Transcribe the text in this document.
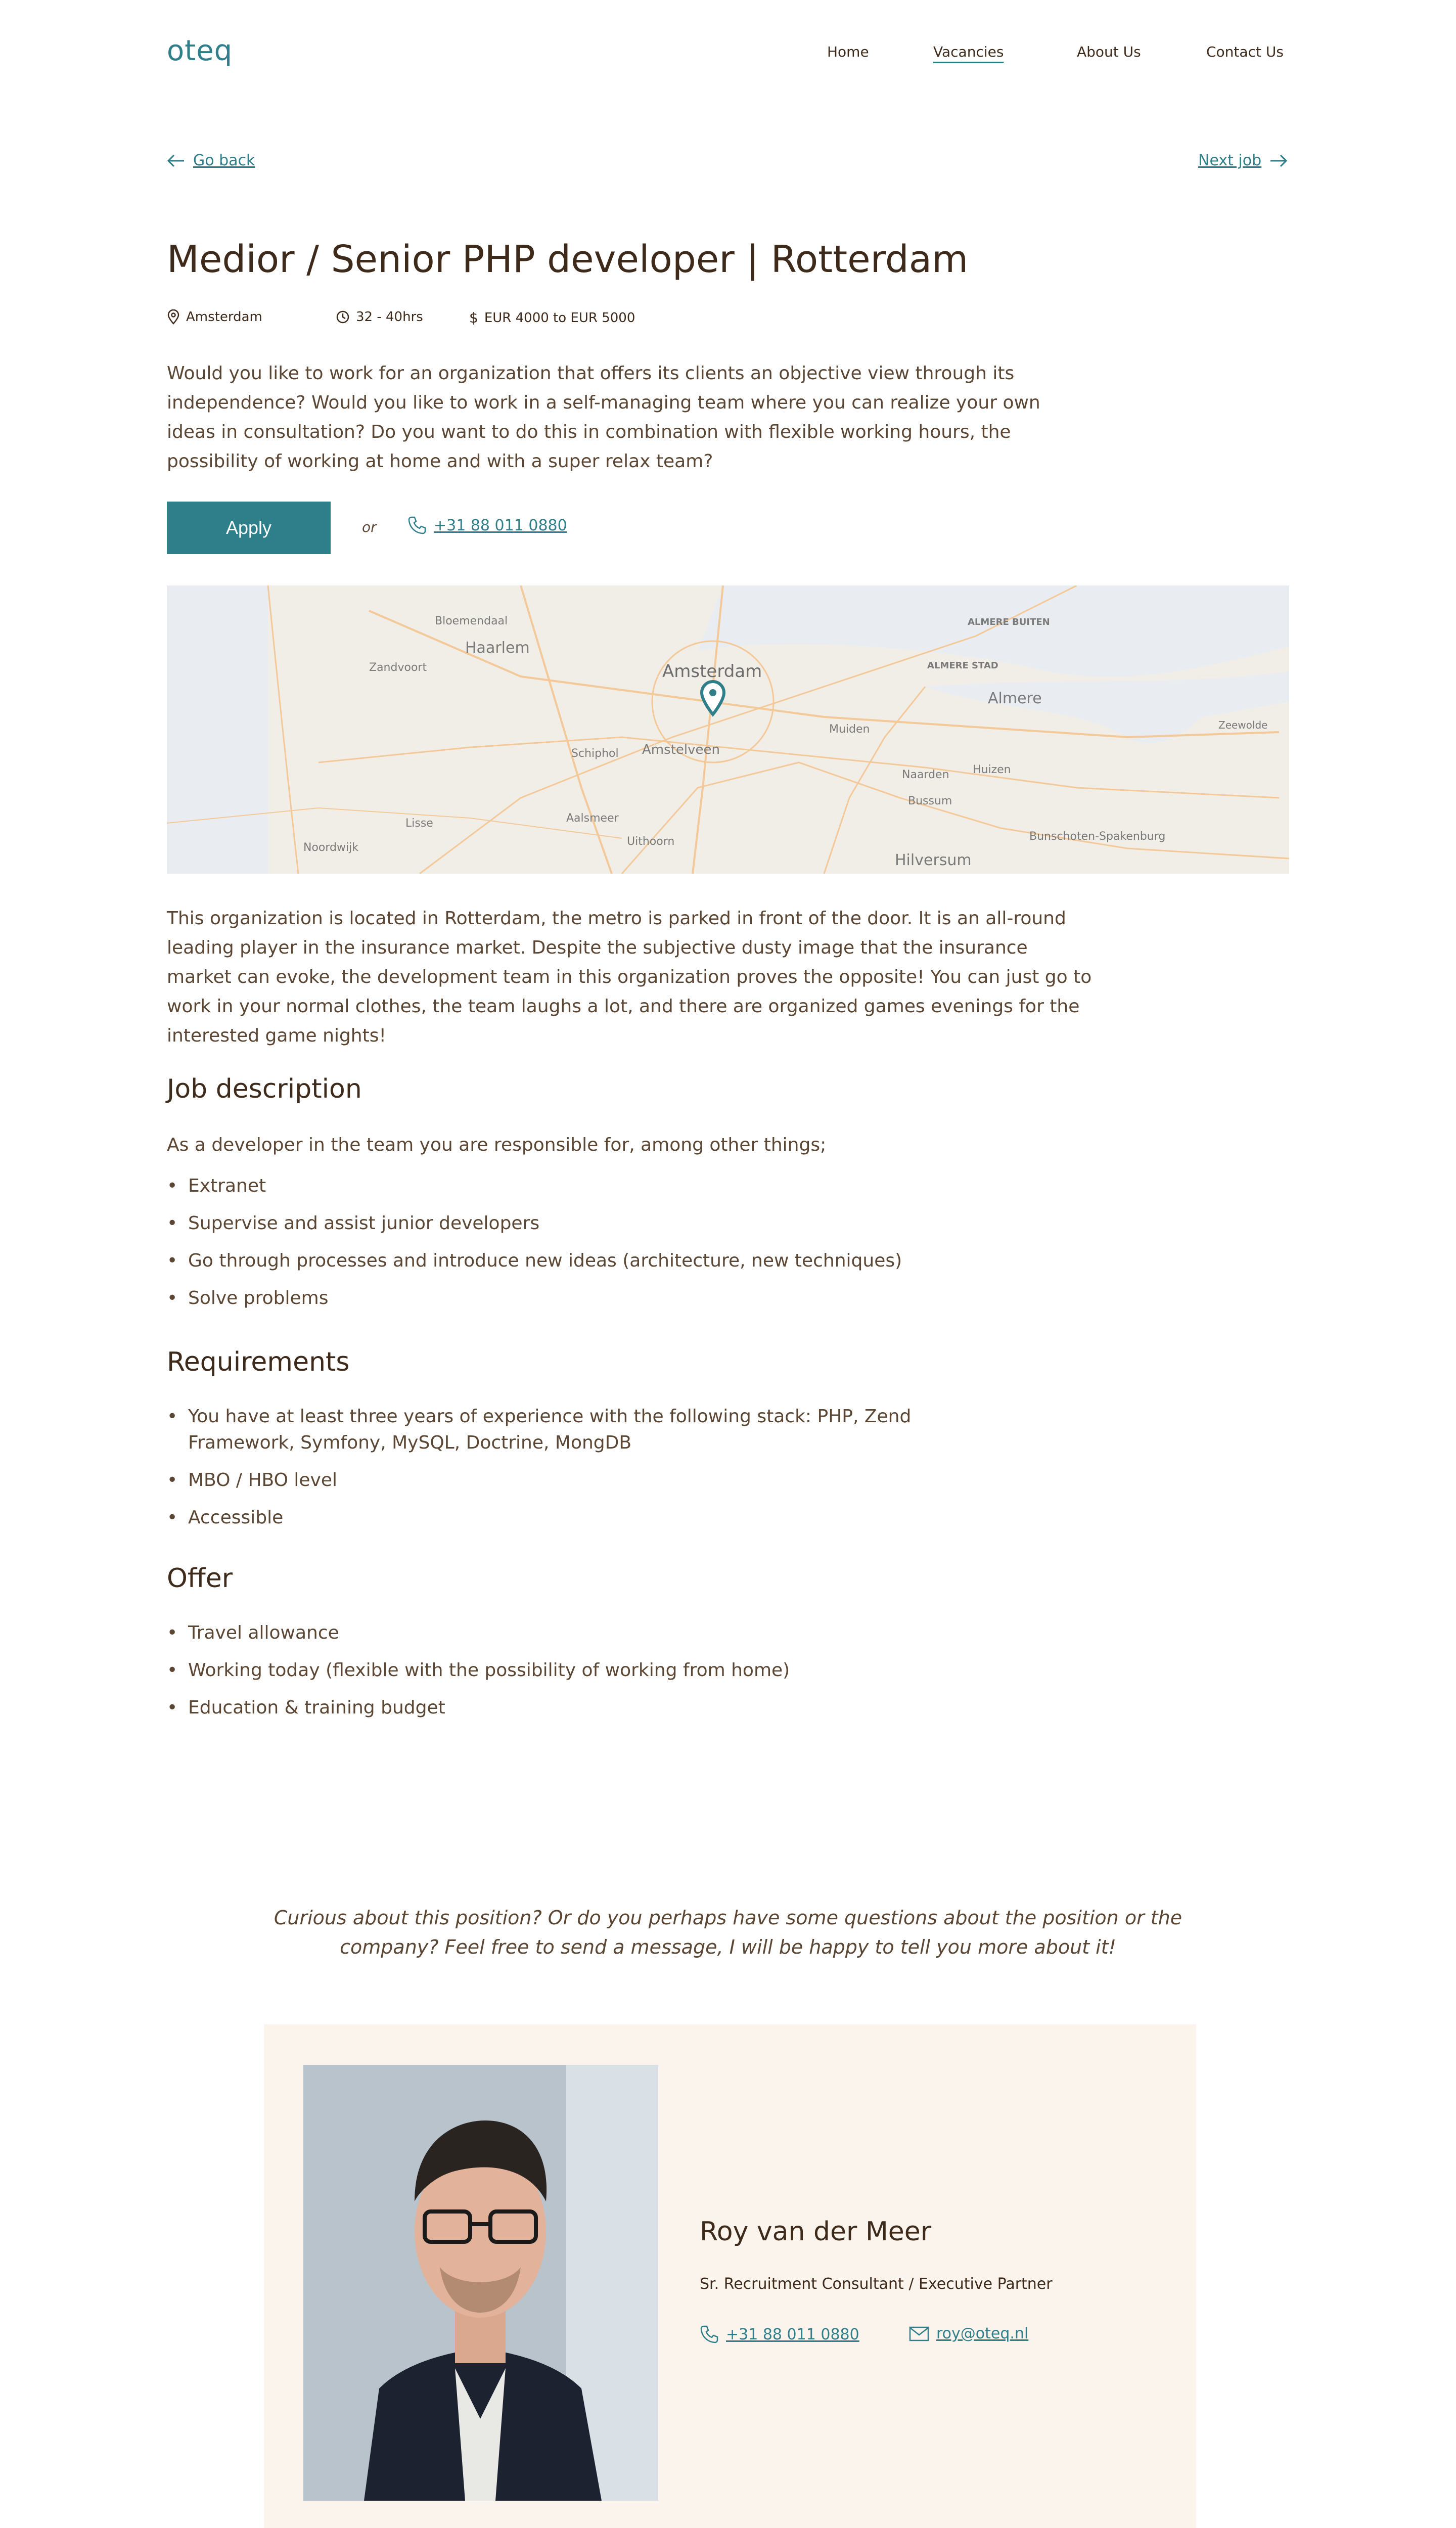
oteq	Home	Vacancies	About Us	Contact Us
Go back	Next job
Medior / Senior PHP developer | Rotterdam
Amsterdam	32 - 40hrs	$ EUR 4000 to EUR 5000

Would you like to work for an organization that offers its clients an objective view through its independence? Would you like to work in a self-managing team where you can realize your own ideas in consultation? Do you want to do this in combination with flexible working hours, the possibility of working at home and with a super relax team?

Apply	or	+31 88 011 0880
Bloemendaal
Haarlem
Zandvoort	Amsterdam
ALMERE BUITEN
ALMERE STAD
Almere
Schiphol Amstelveen
Muiden	Zeewolde
Naarden Huizen
Bussum
Lisse	Aalsmeer
Uithoorn
Noordwijk
Hilversum
Bunschoten-Spakenburg

This organization is located in Rotterdam, the metro is parked in front of the door. It is an all-round leading player in the insurance market. Despite the subjective dusty image that the insurance market can evoke, the development team in this organization proves the opposite! You can just go to work in your normal clothes, the team laughs a lot, and there are organized games evenings for the interested game nights!

Job description

As a developer in the team you are responsible for, among other things;

• Extranet
• Supervise and assist junior developers
• Go through processes and introduce new ideas (architecture, new techniques)
• Solve problems
Requirements
• You have at least three years of experience with the following stack: PHP, Zend Framework, Symfony, MySQL, Doctrine, MongDB
• MBO / HBO level
• Accessible
Offer
• Travel allowance
• Working today (flexible with the possibility of working from home)
• Education & training budget

Curious about this position? Or do you perhaps have some questions about the position or the company? Feel free to send a message, I will be happy to tell you more about it!

Roy van der Meer
Sr. Recruitment Consultant / Executive Partner
+31 88 011 0880	roy@oteq.nl
